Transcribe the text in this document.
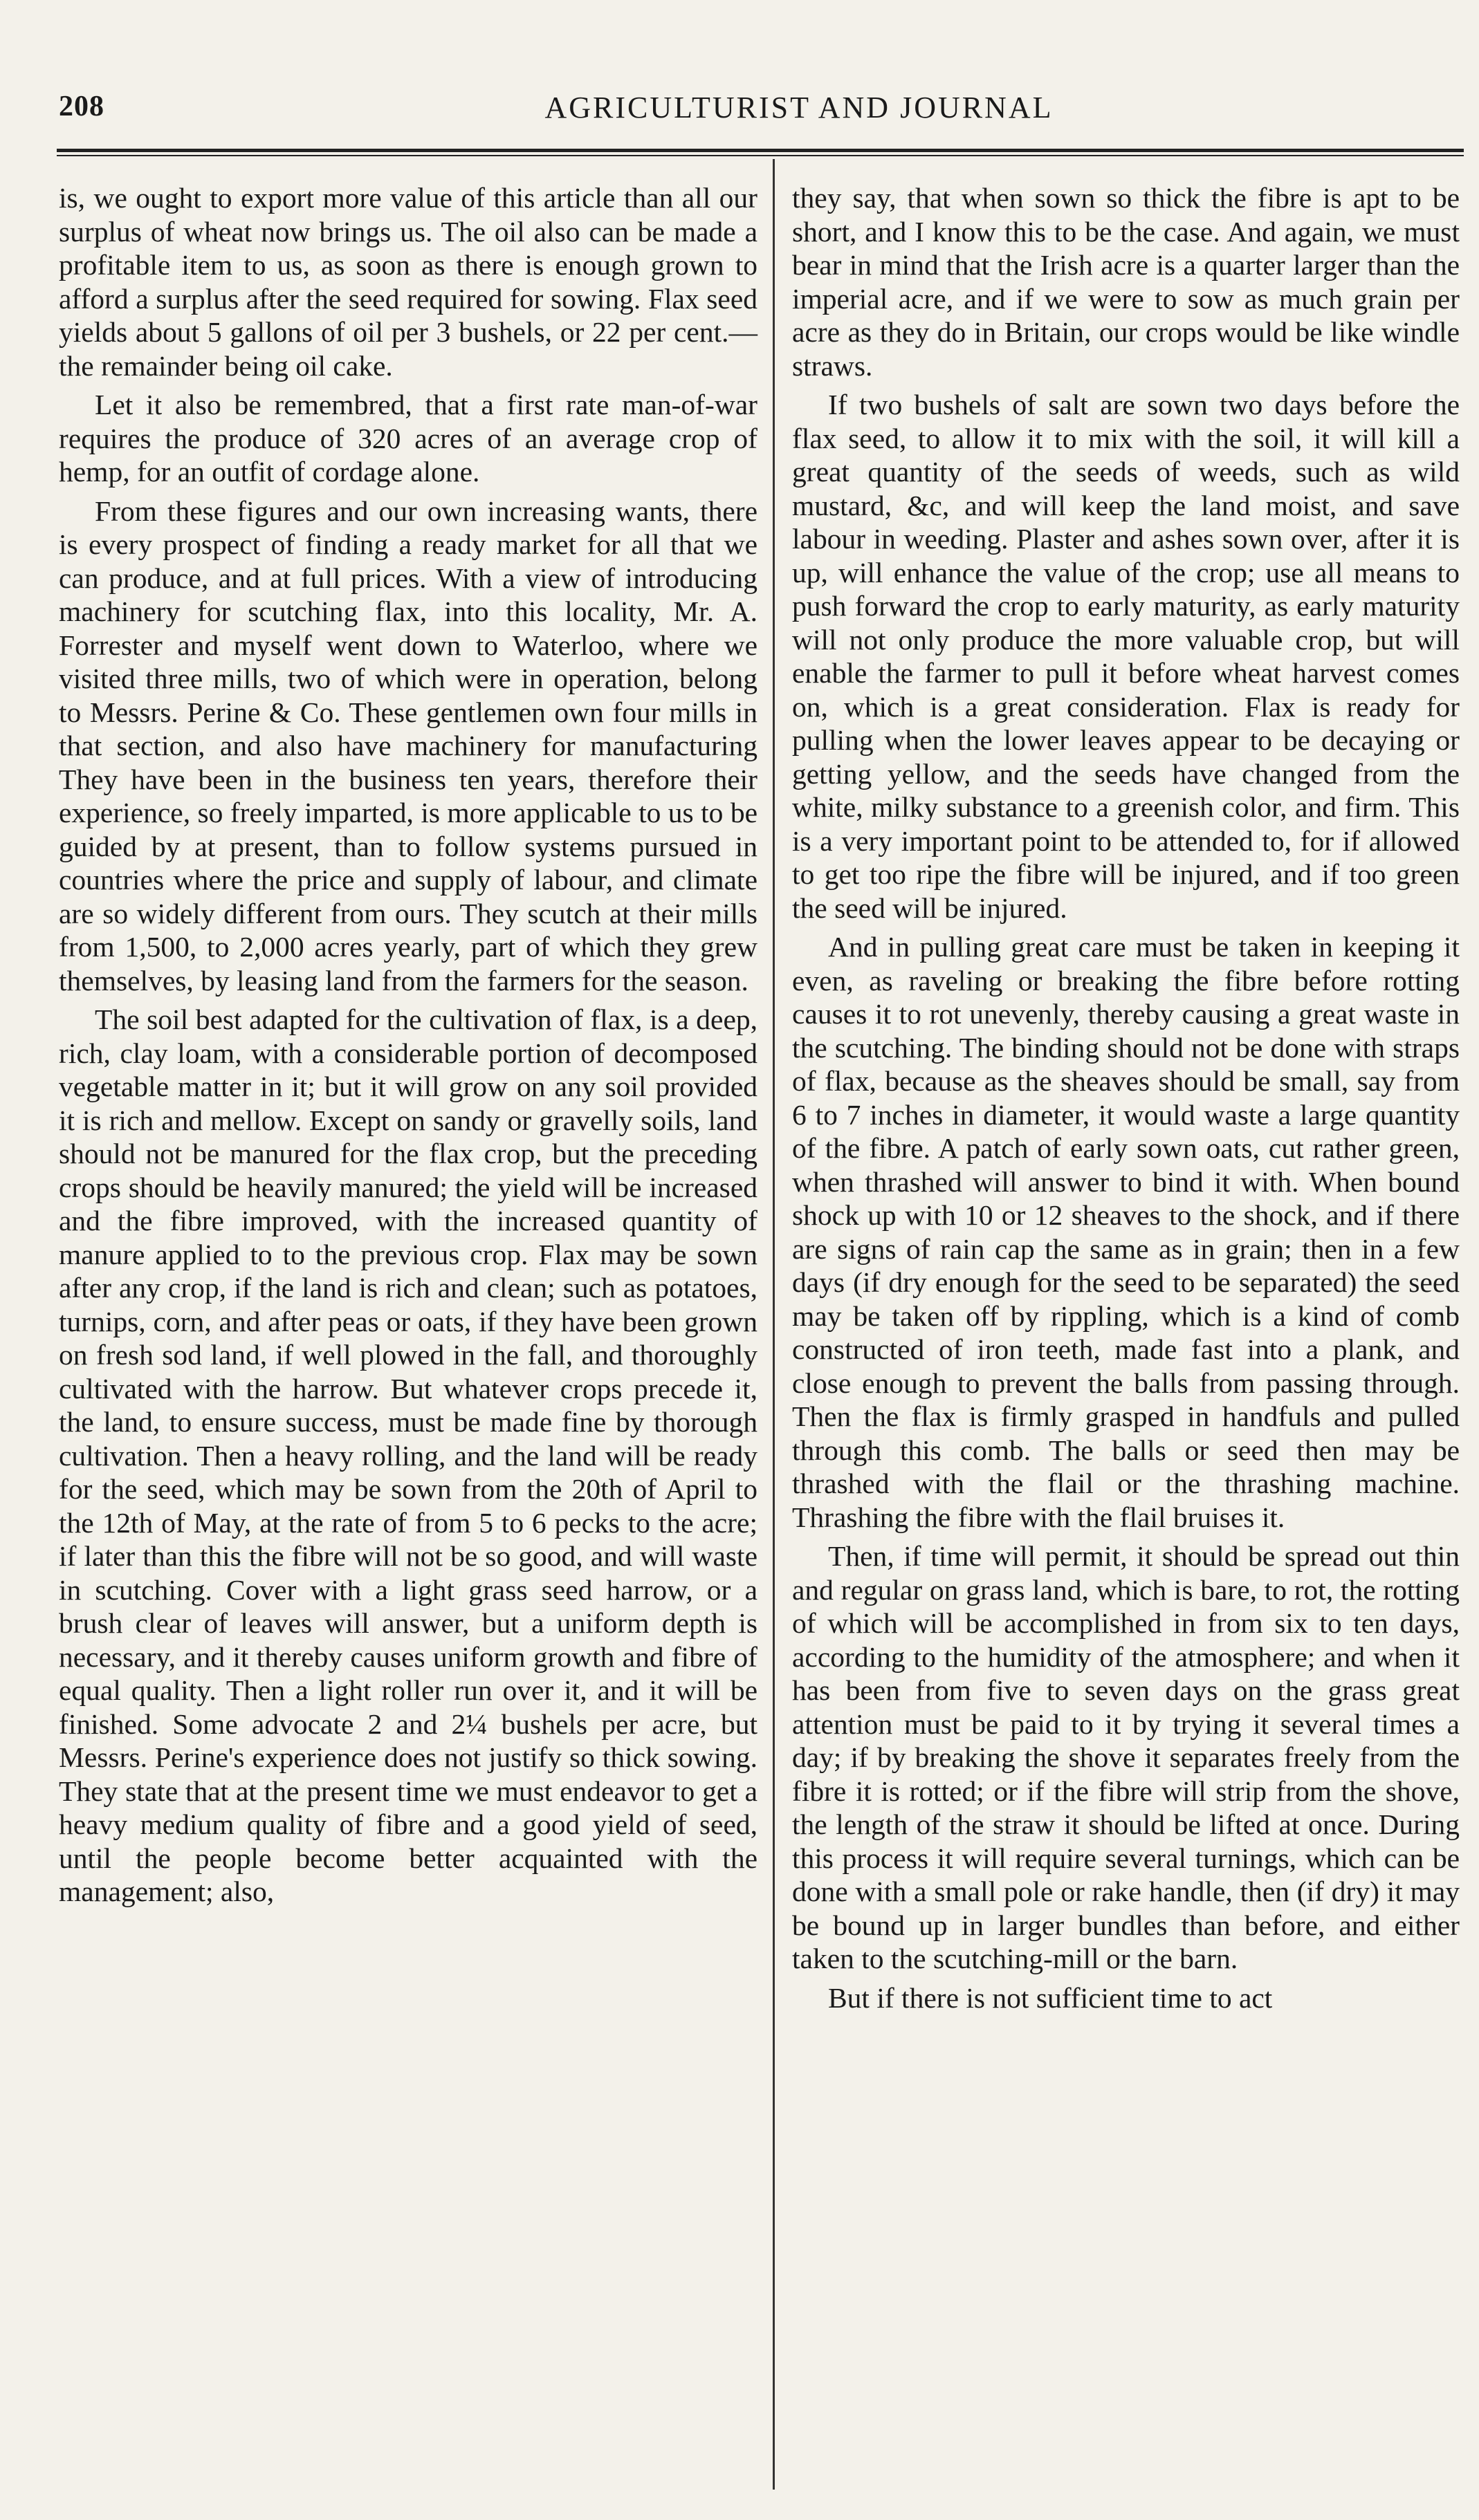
208	AGRICULTURIST AND JOURNAL

is, we ought to export more value of this article than all our surplus of wheat now brings us. The oil also can be made a profitable item to us, as soon as there is enough grown to afford a surplus after the seed required for sowing. Flax seed yields about 5 gallons of oil per 3 bushels, or 22 per cent.—the remainder being oil cake.

Let it also be remembred, that a first rate man-of-war requires the produce of 320 acres of an average crop of hemp, for an outfit of cordage alone.

From these figures and our own increasing wants, there is every prospect of finding a ready market for all that we can produce, and at full prices. With a view of introducing machinery for scutching flax, into this locality, Mr. A. Forrester and myself went down to Waterloo, where we visited three mills, two of which were in operation, belong to Messrs. Perine & Co. These gentlemen own four mills in that section, and also have machinery for manufacturing They have been in the business ten years, therefore their experience, so freely imparted, is more applicable to us to be guided by at present, than to follow systems pursued in countries where the price and supply of labour, and climate are so widely different from ours. They scutch at their mills from 1,500, to 2,000 acres yearly, part of which they grew themselves, by leasing land from the farmers for the season.

The soil best adapted for the cultivation of flax, is a deep, rich, clay loam, with a considerable portion of decomposed vegetable matter in it; but it will grow on any soil provided it is rich and mellow. Except on sandy or gravelly soils, land should not be manured for the flax crop, but the preceding crops should be heavily manured; the yield will be increased and the fibre improved, with the increased quantity of manure applied to to the previous crop. Flax may be sown after any crop, if the land is rich and clean; such as potatoes, turnips, corn, and after peas or oats, if they have been grown on fresh sod land, if well plowed in the fall, and thoroughly cultivated with the harrow. But whatever crops precede it, the land, to ensure success, must be made fine by thorough cultivation. Then a heavy rolling, and the land will be ready for the seed, which may be sown from the 20th of April to the 12th of May, at the rate of from 5 to 6 pecks to the acre; if later than this the fibre will not be so good, and will waste in scutching. Cover with a light grass seed harrow, or a brush clear of leaves will answer, but a uniform depth is necessary, and it thereby causes uniform growth and fibre of equal quality. Then a light roller run over it, and it will be finished. Some advocate 2 and 2¼ bushels per acre, but Messrs. Perine's experience does not justify so thick sowing. They state that at the present time we must endeavor to get a heavy medium quality of fibre and a good yield of seed, until the people become better acquainted with the management; also,

they say, that when sown so thick the fibre is apt to be short, and I know this to be the case. And again, we must bear in mind that the Irish acre is a quarter larger than the imperial acre, and if we were to sow as much grain per acre as they do in Britain, our crops would be like windle straws.

If two bushels of salt are sown two days before the flax seed, to allow it to mix with the soil, it will kill a great quantity of the seeds of weeds, such as wild mustard, &c, and will keep the land moist, and save labour in weeding. Plaster and ashes sown over, after it is up, will enhance the value of the crop; use all means to push forward the crop to early maturity, as early maturity will not only produce the more valuable crop, but will enable the farmer to pull it before wheat harvest comes on, which is a great consideration. Flax is ready for pulling when the lower leaves appear to be decaying or getting yellow, and the seeds have changed from the white, milky substance to a greenish color, and firm. This is a very important point to be attended to, for if allowed to get too ripe the fibre will be injured, and if too green the seed will be injured.

And in pulling great care must be taken in keeping it even, as raveling or breaking the fibre before rotting causes it to rot unevenly, thereby causing a great waste in the scutching. The binding should not be done with straps of flax, because as the sheaves should be small, say from 6 to 7 inches in diameter, it would waste a large quantity of the fibre. A patch of early sown oats, cut rather green, when thrashed will answer to bind it with. When bound shock up with 10 or 12 sheaves to the shock, and if there are signs of rain cap the same as in grain; then in a few days (if dry enough for the seed to be separated) the seed may be taken off by rippling, which is a kind of comb constructed of iron teeth, made fast into a plank, and close enough to prevent the balls from passing through. Then the flax is firmly grasped in handfuls and pulled through this comb. The balls or seed then may be thrashed with the flail or the thrashing machine. Thrashing the fibre with the flail bruises it.

Then, if time will permit, it should be spread out thin and regular on grass land, which is bare, to rot, the rotting of which will be accomplished in from six to ten days, according to the humidity of the atmosphere; and when it has been from five to seven days on the grass great attention must be paid to it by trying it several times a day; if by breaking the shove it separates freely from the fibre it is rotted; or if the fibre will strip from the shove, the length of the straw it should be lifted at once. During this process it will require several turnings, which can be done with a small pole or rake handle, then (if dry) it may be bound up in larger bundles than before, and either taken to the scutching-mill or the barn.

But if there is not sufficient time to act
